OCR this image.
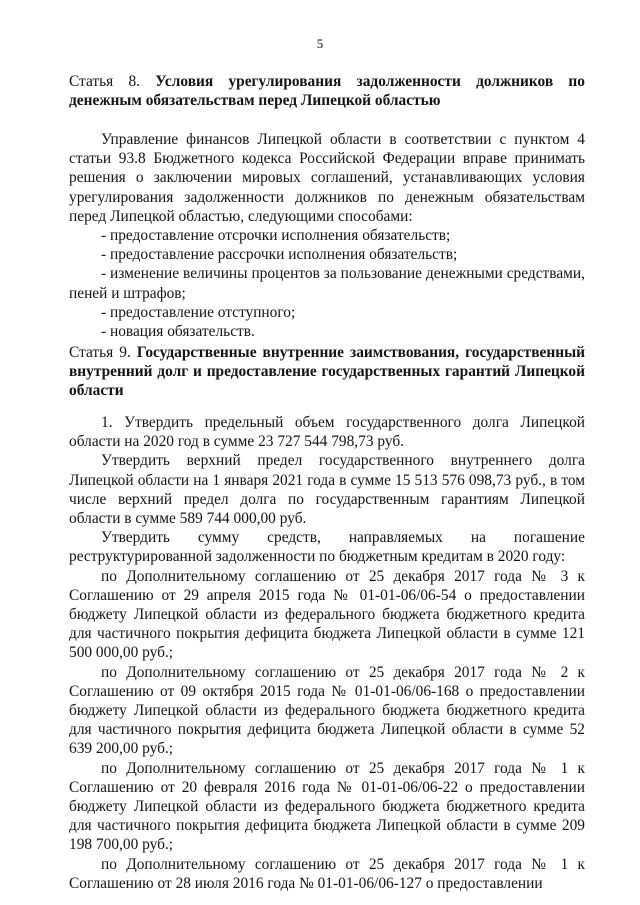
5
Статья 8. Условия урегулирования задолженности должников по денежным обязательствам перед Липецкой областью
Управление финансов Липецкой области в соответствии с пунктом 4 статьи 93.8 Бюджетного кодекса Российской Федерации вправе принимать решения о заключении мировых соглашений, устанавливающих условия урегулирования задолженности должников по денежным обязательствам перед Липецкой областью, следующими способами:
- предоставление отсрочки исполнения обязательств;
- предоставление рассрочки исполнения обязательств;
- изменение величины процентов за пользование денежными средствами, пеней и штрафов;
- предоставление отступного;
- новация обязательств.
Статья 9. Государственные внутренние заимствования, государственный внутренний долг и предоставление государственных гарантий Липецкой области
1. Утвердить предельный объем государственного долга Липецкой области на 2020 год в сумме 23 727 544 798,73 руб.
Утвердить верхний предел государственного внутреннего долга Липецкой области на 1 января 2021 года в сумме 15 513 576 098,73 руб., в том числе верхний предел долга по государственным гарантиям Липецкой области в сумме 589 744 000,00 руб.
Утвердить сумму средств, направляемых на погашение
реструктурированной задолженности по бюджетным кредитам в 2020 году:
по Дополнительному соглашению от 25 декабря 2017 года № 3 к Соглашению от 29 апреля 2015 года № 01-01-06/06-54 о предоставлении бюджету Липецкой области из федерального бюджета бюджетного кредита для частичного покрытия дефицита бюджета Липецкой области в сумме 121 500 000,00 руб.;
по Дополнительному соглашению от 25 декабря 2017 года № 2 к Соглашению от 09 октября 2015 года № 01-01-06/06-168 о предоставлении бюджету Липецкой области из федерального бюджета бюджетного кредита для частичного покрытия дефицита бюджета Липецкой области в сумме 52 639 200,00 руб.;
по Дополнительному соглашению от 25 декабря 2017 года № 1 к Соглашению от 20 февраля 2016 года № 01-01-06/06-22 о предоставлении бюджету Липецкой области из федерального бюджета бюджетного кредита для частичного покрытия дефицита бюджета Липецкой области в сумме 209 198 700,00 руб.;
по Дополнительному соглашению от 25 декабря 2017 года № 1 к Соглашению от 28 июля 2016 года № 01-01-06/06-127 о предоставлении
